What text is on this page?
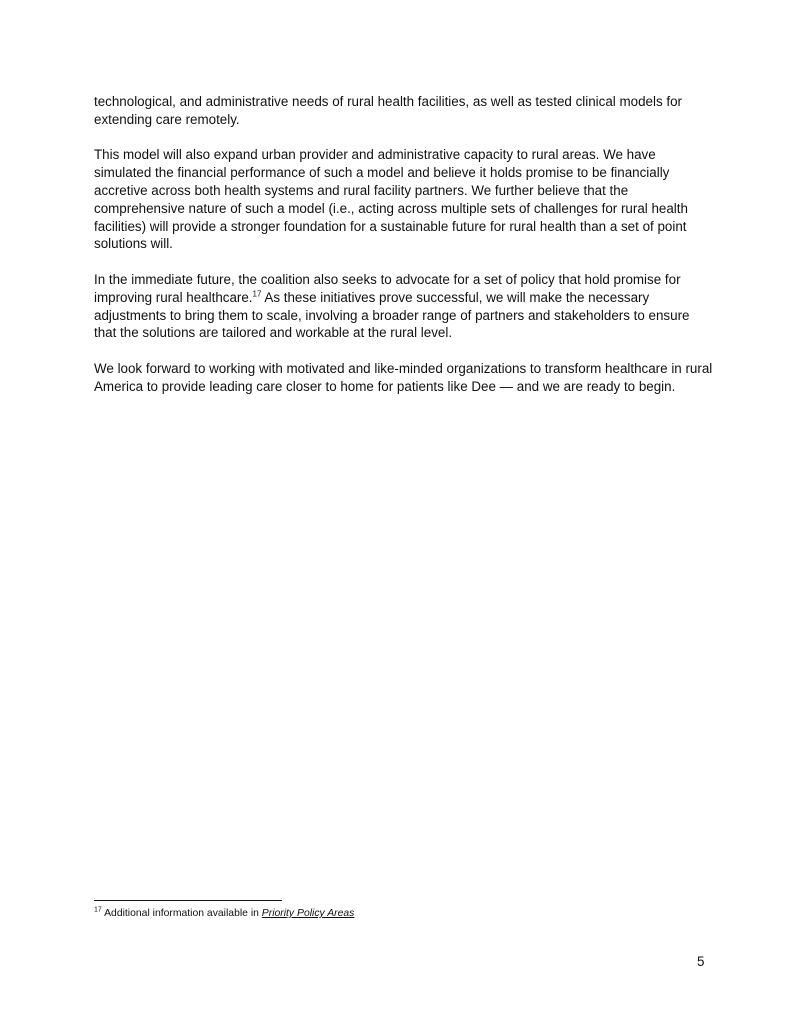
technological, and administrative needs of rural health facilities, as well as tested clinical models for extending care remotely.

This model will also expand urban provider and administrative capacity to rural areas. We have simulated the financial performance of such a model and believe it holds promise to be financially accretive across both health systems and rural facility partners. We further believe that the comprehensive nature of such a model (i.e., acting across multiple sets of challenges for rural health facilities) will provide a stronger foundation for a sustainable future for rural health than a set of point solutions will.

In the immediate future, the coalition also seeks to advocate for a set of policy that hold promise for improving rural healthcare.$^{17}$ As these initiatives prove successful, we will make the necessary adjustments to bring them to scale, involving a broader range of partners and stakeholders to ensure that the solutions are tailored and workable at the rural level.

We look forward to working with motivated and like-minded organizations to transform healthcare in rural America to provide leading care closer to home for patients like Dee — and we are ready to begin.

$^{17}$ Additional information available in Priority Policy Areas
5
